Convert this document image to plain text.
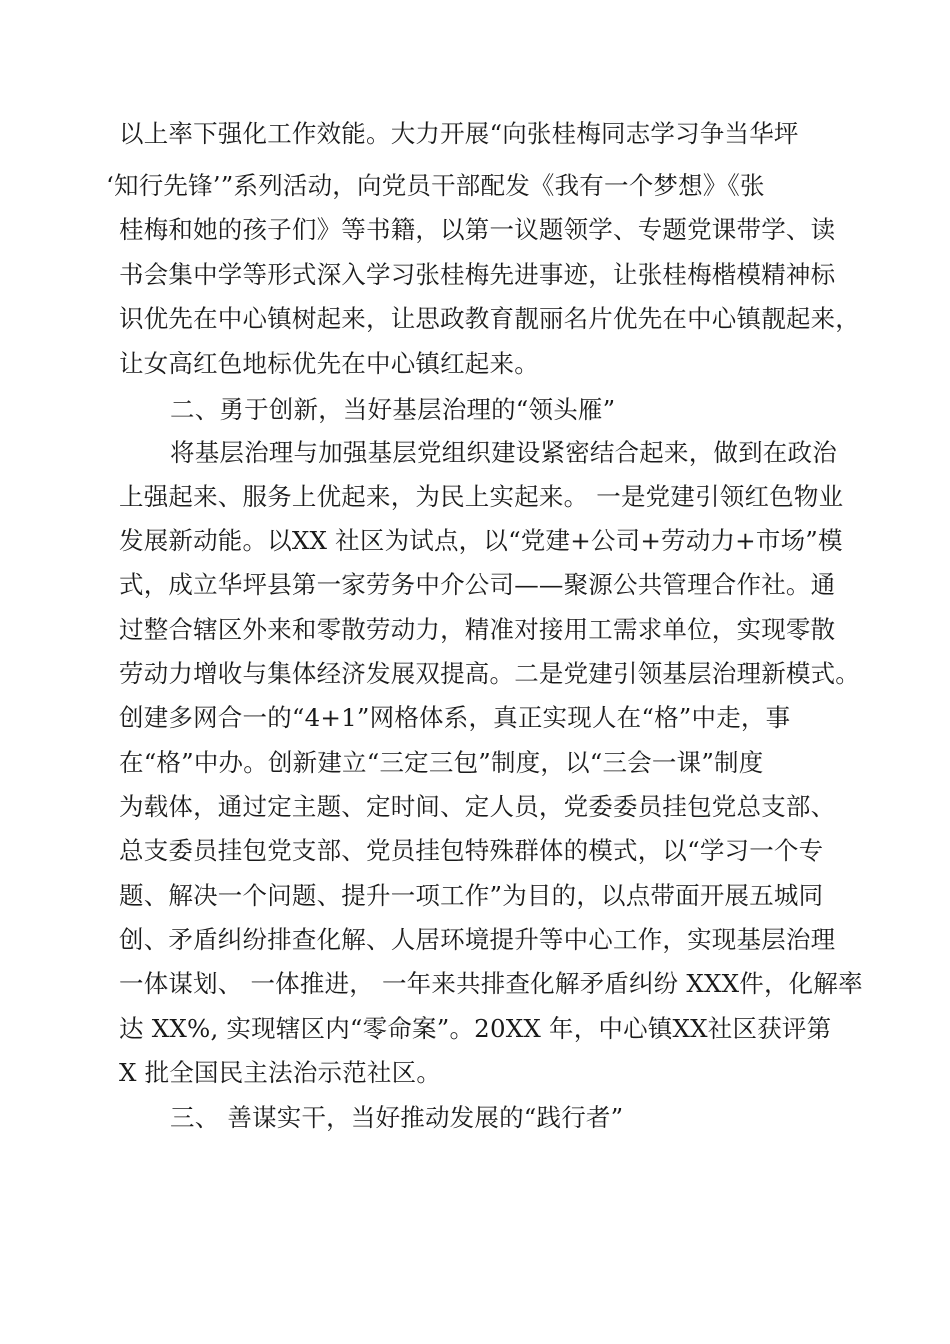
以上率下强化工作效能。大力开展“向张桂梅同志学习争当华坪
‘知行先锋’”系列活动，向党员干部配发《我有一个梦想》《张
桂梅和她的孩子们》等书籍，以第一议题领学、专题党课带学、读
书会集中学等形式深入学习张桂梅先进事迹，让张桂梅楷模精神标
识优先在中心镇树起来，让思政教育靓丽名片优先在中心镇靓起来，
让女高红色地标优先在中心镇红起来。
二、勇于创新，当好基层治理的“领头雁”
将基层治理与加强基层党组织建设紧密结合起来，做到在政治
上强起来、服务上优起来，为民上实起来。 一是党建引领红色物业
发展新动能。以XX 社区为试点，以“党建+公司+劳动力+市场”模
式，成立华坪县第一家劳务中介公司——聚源公共管理合作社。通
过整合辖区外来和零散劳动力，精准对接用工需求单位，实现零散
劳动力增收与集体经济发展双提高。二是党建引领基层治理新模式。
创建多网合一的“4+1”网格体系，真正实现人在“格”中走，事
在“格”中办。创新建立“三定三包”制度，以“三会一课”制度
为载体，通过定主题、定时间、定人员，党委委员挂包党总支部、
总支委员挂包党支部、党员挂包特殊群体的模式，以“学习一个专
题、解决一个问题、提升一项工作”为目的，以点带面开展五城同
创、矛盾纠纷排查化解、人居环境提升等中心工作，实现基层治理
一体谋划、 一体推进， 一年来共排查化解矛盾纠纷 XXX件，化解率
达 XX%, 实现辖区内“零命案”。20XX 年，中心镇XX社区获评第
X 批全国民主法治示范社区。
三、 善谋实干，当好推动发展的“践行者”
